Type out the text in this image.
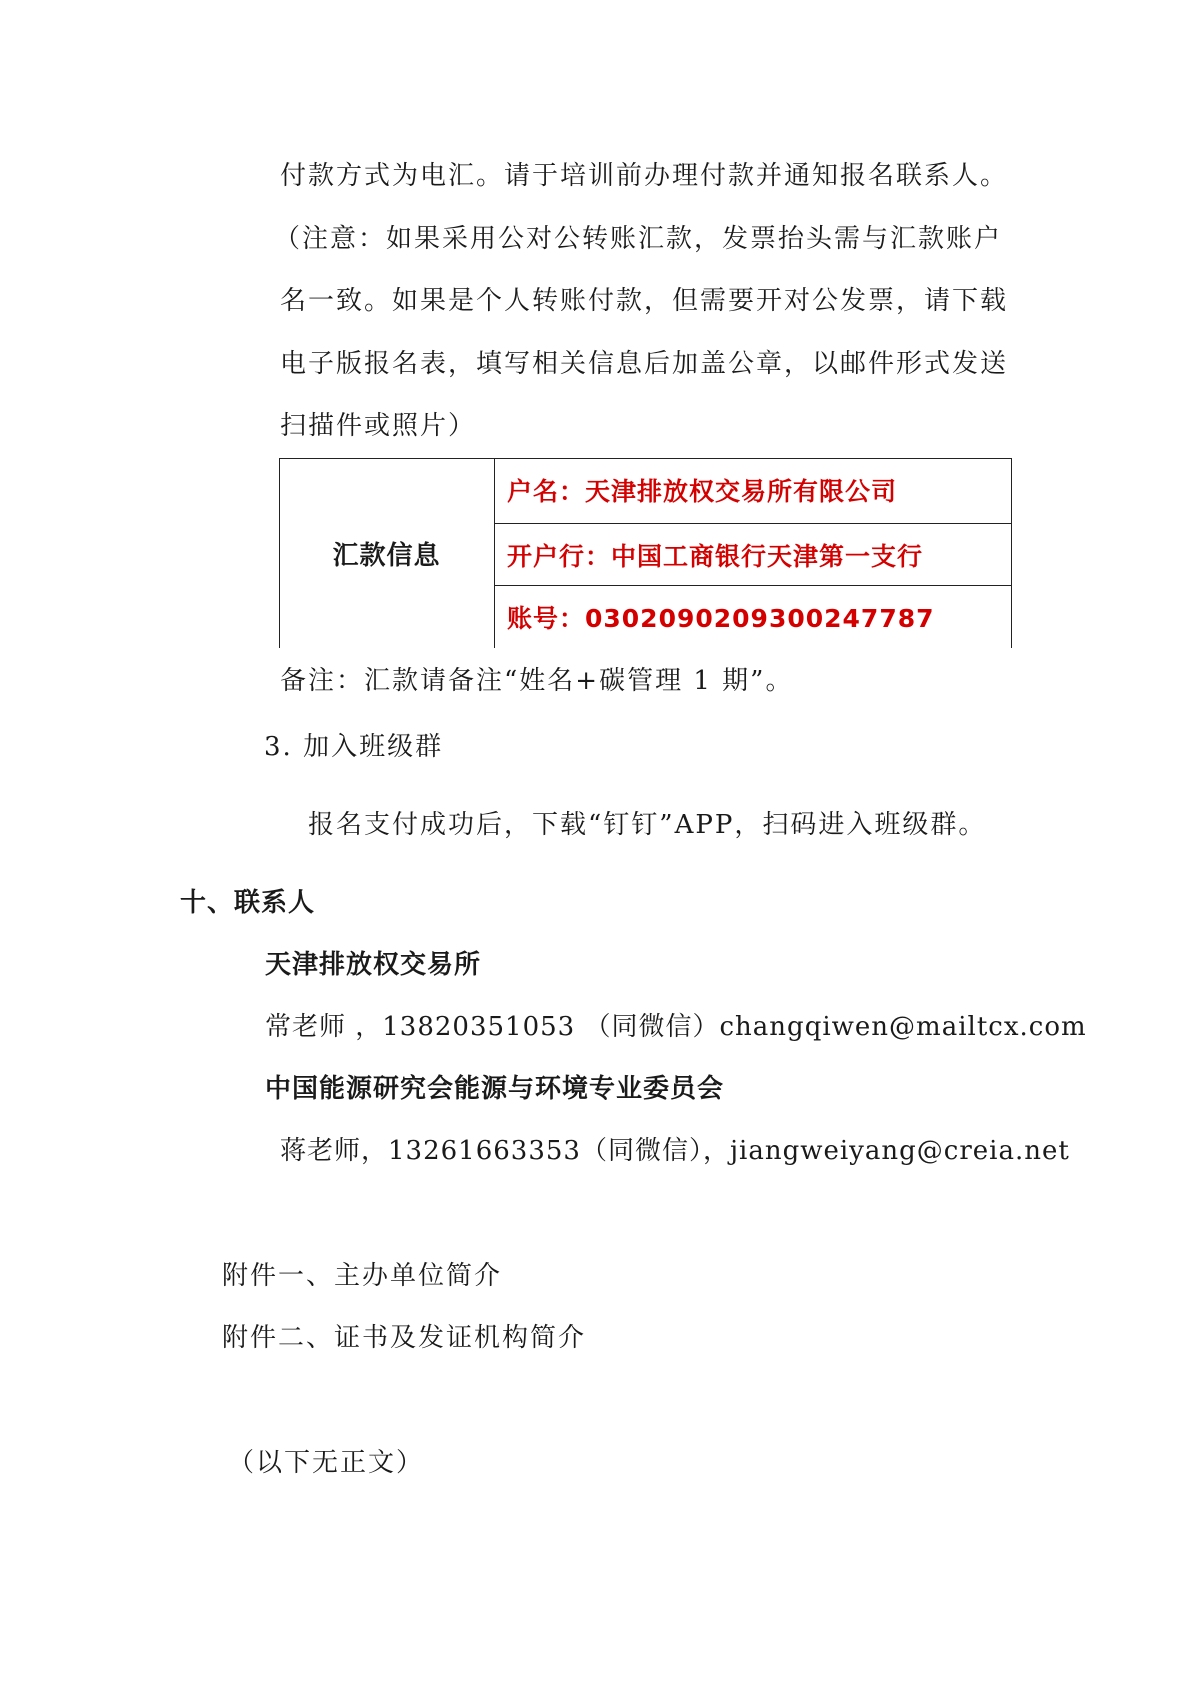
付款方式为电汇。请于培训前办理付款并通知报名联系人。
（注意：如果采用公对公转账汇款，发票抬头需与汇款账户
名一致。如果是个人转账付款，但需要开对公发票，请下载
电子版报名表，填写相关信息后加盖公章，以邮件形式发送
扫描件或照片）
汇款信息
户名：天津排放权交易所有限公司
开户行：中国工商银行天津第一支行
账号：0302090209300247787
备注：汇款请备注“姓名+碳管理 1 期”。
3. 加入班级群
报名支付成功后，下载“钉钉”APP，扫码进入班级群。
十、联系人
天津排放权交易所
常老师 ，13820351053 （同微信）changqiwen@mailtcx.com
中国能源研究会能源与环境专业委员会
蒋老师，13261663353（同微信），jiangweiyang@creia.net
附件一、主办单位简介
附件二、证书及发证机构简介
（以下无正文）
